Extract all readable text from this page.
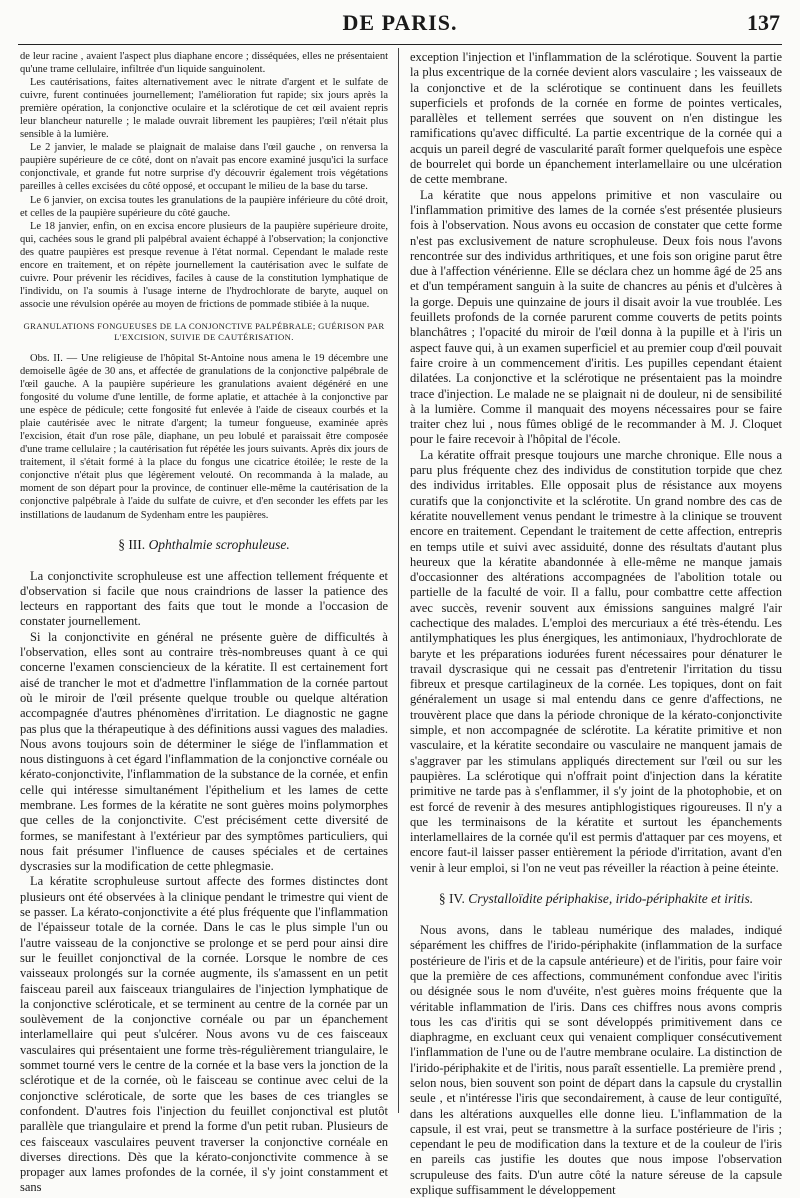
DE PARIS.	137

de leur racine , avaient l'aspect plus diaphane encore ; disséquées, elles ne présentaient qu'une trame cellulaire, infiltrée d'un liquide sanguinolent.

Les cautérisations, faites alternativement avec le nitrate d'argent et le sulfate de cuivre, furent continuées journellement; l'amélioration fut rapide; six jours après la première opération, la conjonctive oculaire et la sclérotique de cet œil avaient repris leur blancheur naturelle ; le malade ouvrait librement les paupières; l'œil n'était plus sensible à la lumière.

Le 2 janvier, le malade se plaignait de malaise dans l'œil gauche , on renversa la paupière supérieure de ce côté, dont on n'avait pas encore examiné jusqu'ici la surface conjonctivale, et grande fut notre surprise d'y découvrir également trois végétations pareilles à celles excisées du côté opposé, et occupant le milieu de la base du tarse.

Le 6 janvier, on excisa toutes les granulations de la paupière inférieure du côté droit, et celles de la paupière supérieure du côté gauche.

Le 18 janvier, enfin, on en excisa encore plusieurs de la paupière supérieure droite, qui, cachées sous le grand pli palpébral avaient échappé à l'observation; la conjonctive des quatre paupières est presque revenue à l'état normal. Cependant le malade reste encore en traitement, et on répète journellement la cautérisation avec le sulfate de cuivre. Pour prévenir les récidives, faciles à cause de la constitution lymphatique de l'individu, on l'a soumis à l'usage interne de l'hydrochlorate de baryte, auquel on associe une révulsion opérée au moyen de frictions de pommade stibiée à la nuque.

GRANULATIONS FONGUEUSES DE LA CONJONCTIVE PALPÉBRALE; GUÉRISON PAR L'EXCISION, SUIVIE DE CAUTÉRISATION.

Obs. II. — Une religieuse de l'hôpital St-Antoine nous amena le 19 décembre une demoiselle âgée de 30 ans, et affectée de granulations de la conjonctive palpébrale de l'œil gauche. A la paupière supérieure les granulations avaient dégénéré en une fongosité du volume d'une lentille, de forme aplatie, et attachée à la conjonctive par une espèce de pédicule; cette fongosité fut enlevée à l'aide de ciseaux courbés et la plaie cautérisée avec le nitrate d'argent; la tumeur fongueuse, examinée après l'excision, était d'un rose pâle, diaphane, un peu lobulé et paraissait être composée d'une trame cellulaire ; la cautérisation fut répétée les jours suivants. Après dix jours de traitement, il s'était formé à la place du fongus une cicatrice étoilée; le reste de la conjonctive n'était plus que légèrement velouté. On recommanda à la malade, au moment de son départ pour la province, de continuer elle-même la cautérisation de la conjonctive palpébrale à l'aide du sulfate de cuivre, et d'en seconder les effets par les instillations de laudanum de Sydenham entre les paupières.

§ III. Ophthalmie scrophuleuse.

La conjonctivite scrophuleuse est une affection tellement fréquente et d'observation si facile que nous craindrions de lasser la patience des lecteurs en rapportant des faits que tout le monde a l'occasion de constater journellement.

Si la conjonctivite en général ne présente guère de difficultés à l'observation, elles sont au contraire très-nombreuses quant à ce qui concerne l'examen consciencieux de la kératite. Il est certainement fort aisé de trancher le mot et d'admettre l'inflammation de la cornée partout où le miroir de l'œil présente quelque trouble ou quelque altération accompagnée d'autres phénomènes d'irritation. Le diagnostic ne gagne pas plus que la thérapeutique à des définitions aussi vagues des maladies. Nous avons toujours soin de déterminer le siége de l'inflammation et nous distinguons à cet égard l'inflammation de la conjonctive cornéale ou kérato-conjonctivite, l'inflammation de la substance de la cornée, et enfin celle qui intéresse simultanément l'épithelium et les lames de cette membrane. Les formes de la kératite ne sont guères moins polymorphes que celles de la conjonctivite. C'est précisément cette diversité de formes, se manifestant à l'extérieur par des symptômes particuliers, qui nous fait présumer l'influence de causes spéciales et de certaines dyscrasies sur la modification de cette phlegmasie.

La kératite scrophuleuse surtout affecte des formes distinctes dont plusieurs ont été observées à la clinique pendant le trimestre qui vient de se passer. La kérato-conjonctivite a été plus fréquente que l'inflammation de l'épaisseur totale de la cornée. Dans le cas le plus simple l'un ou l'autre vaisseau de la conjonctive se prolonge et se perd pour ainsi dire sur le feuillet conjonctival de la cornée. Lorsque le nombre de ces vaisseaux prolongés sur la cornée augmente, ils s'amassent en un petit faisceau pareil aux faisceaux triangulaires de l'injection lymphatique de la conjonctive scléroticale, et se terminent au centre de la cornée par un soulèvement de la conjonctive cornéale ou par un épanchement interlamellaire qui peut s'ulcérer. Nous avons vu de ces faisceaux vasculaires qui présentaient une forme très-régulièrement triangulaire, le sommet tourné vers le centre de la cornée et la base vers la jonction de la sclérotique et de la cornée, où le faisceau se continue avec celui de la conjonctive scléroticale, de sorte que les bases de ces triangles se confondent. D'autres fois l'injection du feuillet conjonctival est plutôt parallèle que triangulaire et prend la forme d'un petit ruban. Plusieurs de ces faisceaux vasculaires peuvent traverser la conjonctive cornéale en diverses directions. Dès que la kérato-conjonctivite commence à se propager aux lames profondes de la cornée, il s'y joint constamment et sans

exception l'injection et l'inflammation de la sclérotique. Souvent la partie la plus excentrique de la cornée devient alors vasculaire ; les vaisseaux de la conjonctive et de la sclérotique se continuent dans les feuillets superficiels et profonds de la cornée en forme de pointes verticales, parallèles et tellement serrées que souvent on n'en distingue les ramifications qu'avec difficulté. La partie excentrique de la cornée qui a acquis un pareil degré de vascularité paraît former quelquefois une espèce de bourrelet qui borde un épanchement interlamellaire ou une ulcération de cette membrane.

La kératite que nous appelons primitive et non vasculaire ou l'inflammation primitive des lames de la cornée s'est présentée plusieurs fois à l'observation. Nous avons eu occasion de constater que cette forme n'est pas exclusivement de nature scrophuleuse. Deux fois nous l'avons rencontrée sur des individus arthritiques, et une fois son origine parut être due à l'affection vénérienne. Elle se déclara chez un homme âgé de 25 ans et d'un tempérament sanguin à la suite de chancres au pénis et d'ulcères à la gorge. Depuis une quinzaine de jours il disait avoir la vue troublée. Les feuillets profonds de la cornée parurent comme couverts de petits points blanchâtres ; l'opacité du miroir de l'œil donna à la pupille et à l'iris un aspect fauve qui, à un examen superficiel et au premier coup d'œil pouvait faire croire à un commencement d'iritis. Les pupilles cependant étaient dilatées. La conjonctive et la sclérotique ne présentaient pas la moindre trace d'injection. Le malade ne se plaignait ni de douleur, ni de sensibilité à la lumière. Comme il manquait des moyens nécessaires pour se faire traiter chez lui , nous fûmes obligé de le recommander à M. J. Cloquet pour le faire recevoir à l'hôpital de l'école.

La kératite offrait presque toujours une marche chronique. Elle nous a paru plus fréquente chez des individus de constitution torpide que chez des individus irritables. Elle opposait plus de résistance aux moyens curatifs que la conjonctivite et la sclérotite. Un grand nombre des cas de kératite nouvellement venus pendant le trimestre à la clinique se trouvent encore en traitement. Cependant le traitement de cette affection, entrepris en temps utile et suivi avec assiduité, donne des résultats d'autant plus heureux que la kératite abandonnée à elle-même ne manque jamais d'occasionner des altérations accompagnées de l'abolition totale ou partielle de la faculté de voir. Il a fallu, pour combattre cette affection avec succès, revenir souvent aux émissions sanguines malgré l'air cachectique des malades. L'emploi des mercuriaux a été très-étendu. Les antilymphatiques les plus énergiques, les antimoniaux, l'hydrochlorate de baryte et les préparations iodurées furent nécessaires pour dénaturer le travail dyscrasique qui ne cessait pas d'entretenir l'irritation du tissu fibreux et presque cartilagineux de la cornée. Les topiques, dont on fait généralement un usage si mal entendu dans ce genre d'affections, ne trouvèrent place que dans la période chronique de la kérato-conjonctivite simple, et non accompagnée de sclérotite. La kératite primitive et non vasculaire, et la kératite secondaire ou vasculaire ne manquent jamais de s'aggraver par les stimulans appliqués directement sur l'œil ou sur les paupières. La sclérotique qui n'offrait point d'injection dans la kératite primitive ne tarde pas à s'enflammer, il s'y joint de la photophobie, et on est forcé de revenir à des mesures antiphlogistiques rigoureuses. Il n'y a que les terminaisons de la kératite et surtout les épanchements interlamellaires de la cornée qu'il est permis d'attaquer par ces moyens, et encore faut-il laisser passer entièrement la période d'irritation, avant d'en venir à leur emploi, si l'on ne veut pas réveiller la réaction à peine éteinte.

§ IV. Crystalloïdite périphakise, irido-périphakite et iritis.

Nous avons, dans le tableau numérique des malades, indiqué séparément les chiffres de l'irido-périphakite (inflammation de la surface postérieure de l'iris et de la capsule antérieure) et de l'iritis, pour faire voir que la première de ces affections, communément confondue avec l'iritis ou désignée sous le nom d'uvéite, n'est guères moins fréquente que la véritable inflammation de l'iris. Dans ces chiffres nous avons compris tous les cas d'iritis qui se sont développés primitivement dans ce diaphragme, en excluant ceux qui venaient compliquer consécutivement l'inflammation de l'une ou de l'autre membrane oculaire. La distinction de l'irido-périphakite et de l'iritis, nous paraît essentielle. La première prend , selon nous, bien souvent son point de départ dans la capsule du crystallin seule , et n'intéresse l'iris que secondairement, à cause de leur contiguïté, dans les altérations auxquelles elle donne lieu. L'inflammation de la capsule, il est vrai, peut se transmettre à la surface postérieure de l'iris ; cependant le peu de modification dans la texture et de la couleur de l'iris en pareils cas justifie les doutes que nous impose l'observation scrupuleuse des faits. D'un autre côté la nature séreuse de la capsule explique suffisamment le développement
